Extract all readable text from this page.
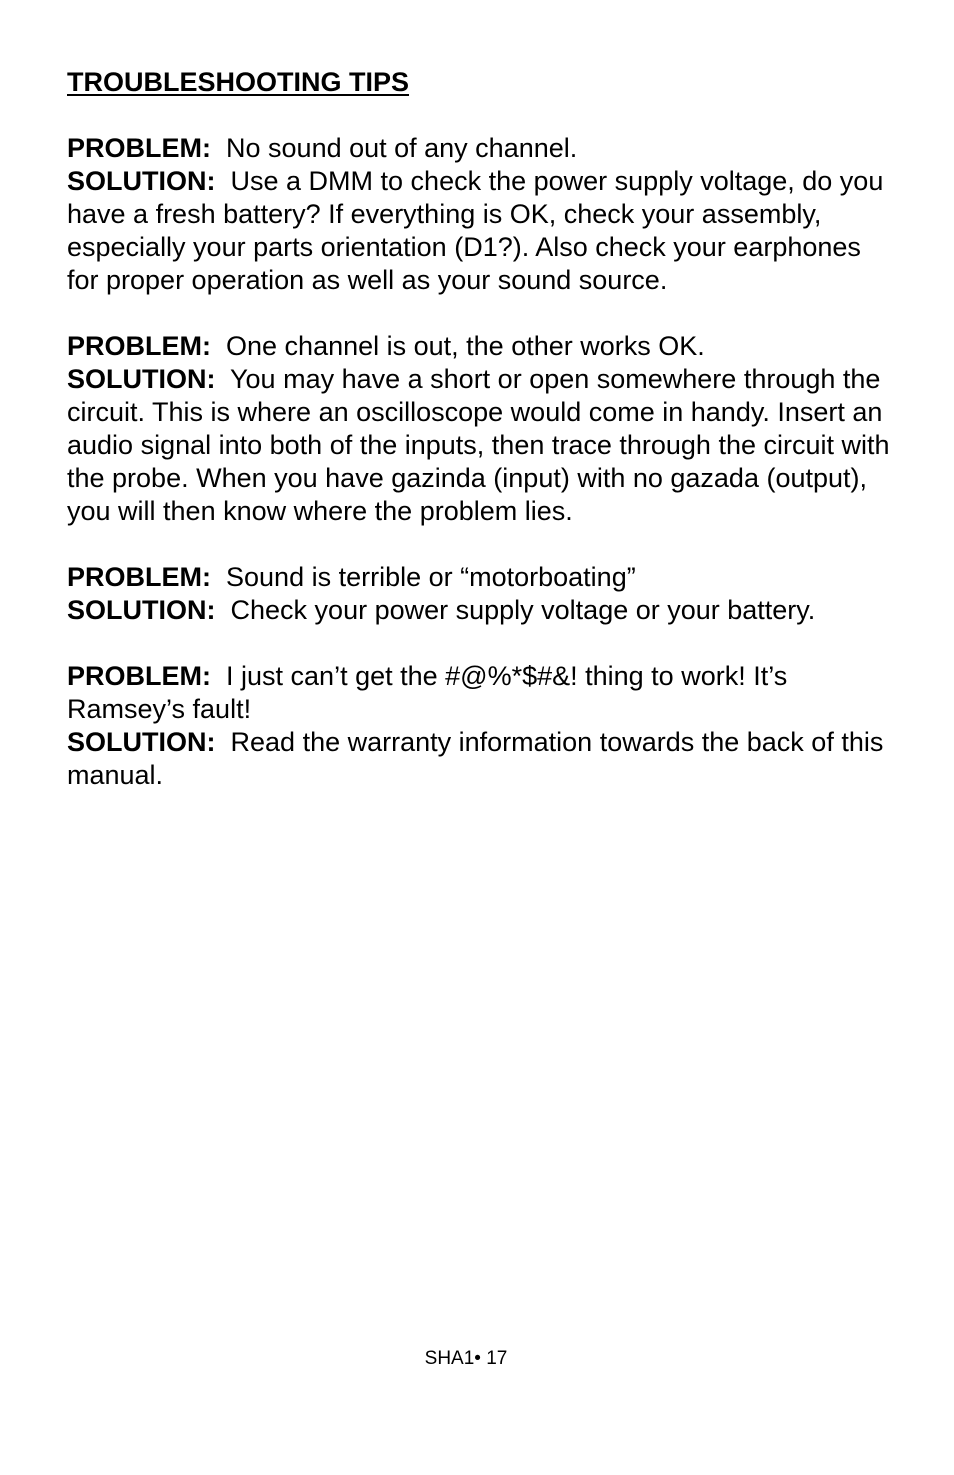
TROUBLESHOOTING TIPS

PROBLEM: No sound out of any channel.

SOLUTION: Use a DMM to check the power supply voltage, do you have a fresh battery? If everything is OK, check your assembly, especially your parts orientation (D1?). Also check your earphones for proper operation as well as your sound source.

PROBLEM: One channel is out, the other works OK.

SOLUTION: You may have a short or open somewhere through the circuit. This is where an oscilloscope would come in handy. Insert an audio signal into both of the inputs, then trace through the circuit with the probe. When you have gazinda (input) with no gazada (output), you will then know where the problem lies.

PROBLEM: Sound is terrible or “motorboating”

SOLUTION: Check your power supply voltage or your battery.

PROBLEM: I just can’t get the #@%*$#&! thing to work! It’s Ramsey’s fault!

SOLUTION: Read the warranty information towards the back of this manual.

SHA1• 17
